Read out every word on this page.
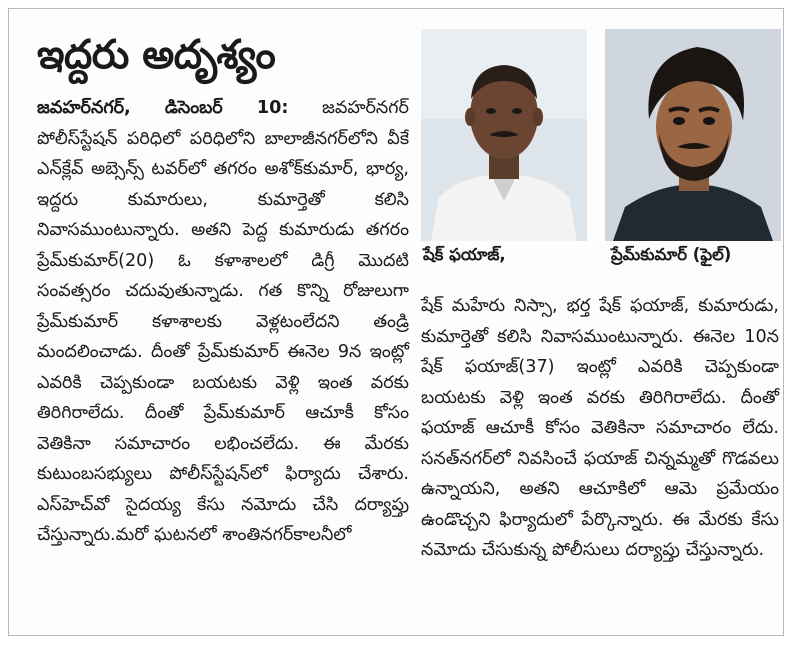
ఇద్దరు అదృశ్యం

జవహర్‌నగర్, డిసెంబర్ 10: జవహర్‌నగర్ పోలీస్‌స్టేషన్ పరిధిలో పరిధిలోని బాలాజీనగర్‌లోని వీకే ఎన్‌క్లేవ్ అబ్సెన్స్ టవర్‌లో తగరం అశోక్‌కుమార్, భార్య, ఇద్దరు కుమారులు, కుమార్తెతో కలిసి నివాసముంటున్నారు. అతని పెద్ద కుమారుడు తగరం ప్రేమ్‌కుమార్(20) ఓ కళాశాలలో డిగ్రీ మొదటి సంవత్సరం చదువుతున్నాడు. గత కొన్ని రోజులుగా ప్రేమ్‌కుమార్ కళాశాలకు వెళ్లటంలేదని తండ్రి మందలించాడు. దీంతో ప్రేమ్‌కుమార్ ఈనెల 9న ఇంట్లో ఎవరికి చెప్పకుండా బయటకు వెళ్లి ఇంత వరకు తిరిగిరాలేదు. దీంతో ప్రేమ్‌కుమార్ ఆచూకీ కోసం వెతికినా సమాచారం లభించలేదు. ఈ మేరకు కుటుంబసభ్యులు పోలీస్‌స్టేషన్‌లో ఫిర్యాదు చేశారు. ఎస్‌హెచ్‌వో సైదయ్య కేసు నమోదు చేసి దర్యాప్తు చేస్తున్నారు.మరో ఘటనలో శాంతినగర్‌కాలనీలో

షేక్ ఫయాజ్,	ప్రేమ్‌కుమార్ (ఫైల్)

షేక్ మహేరు నిస్సా, భర్త షేక్ ఫయాజ్, కుమారుడు, కుమార్తెతో కలిసి నివాసముంటున్నారు. ఈనెల 10న షేక్ ఫయాజ్(37) ఇంట్లో ఎవరికి చెప్పకుండా బయటకు వెళ్లి ఇంత వరకు తిరిగిరాలేదు. దీంతో ఫయాజ్ ఆచూకీ కోసం వెతికినా సమాచారం లేదు. సనత్‌నగర్‌లో నివసించే ఫయాజ్ చిన్నమ్మతో గొడవలు ఉన్నాయని, అతని ఆచూకిలో ఆమె ప్రమేయం ఉండొచ్చని ఫిర్యాదులో పేర్కొన్నారు. ఈ మేరకు కేసు నమోదు చేసుకున్న పోలీసులు దర్యాప్తు చేస్తున్నారు.
